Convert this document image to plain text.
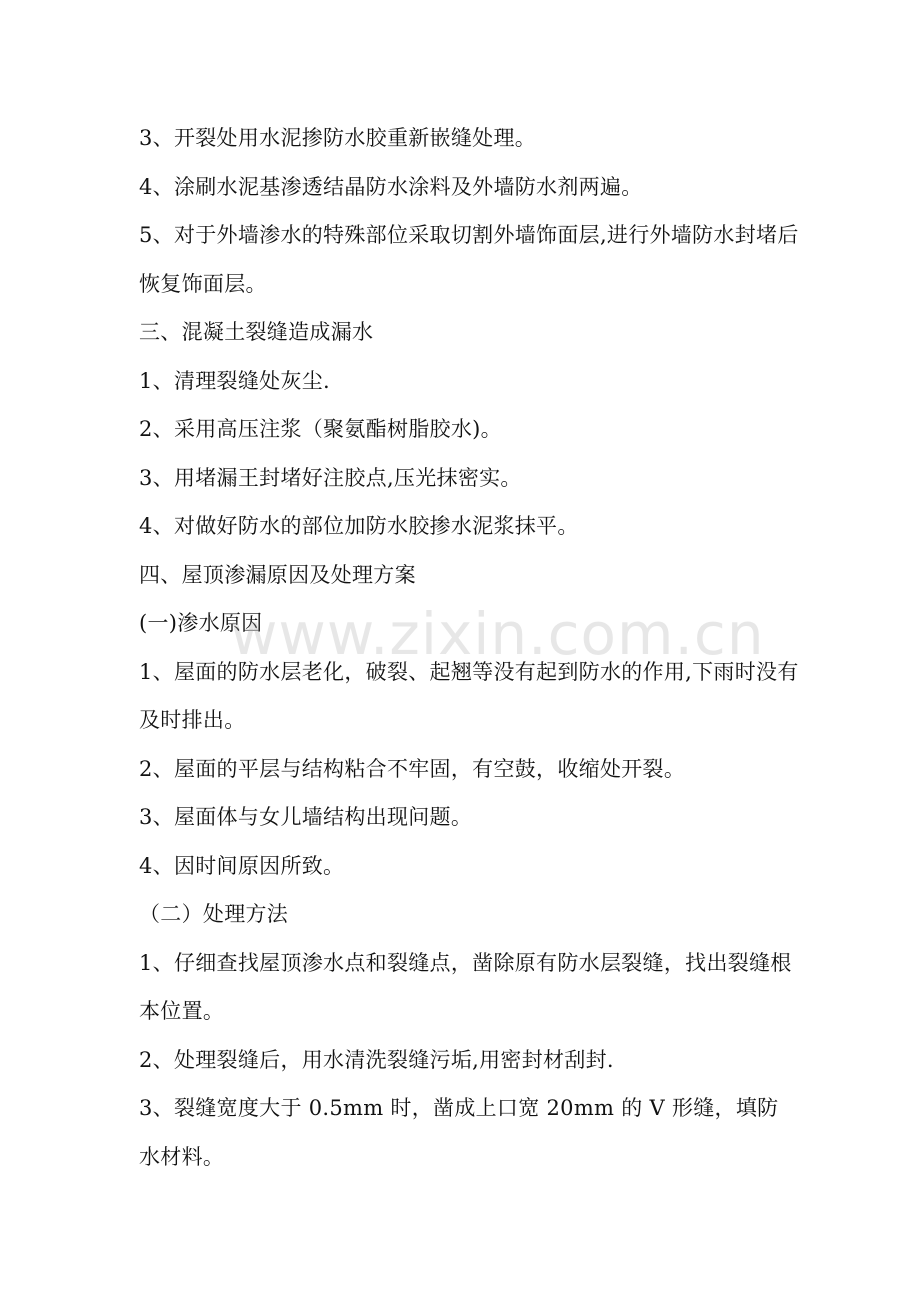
3、开裂处用水泥掺防水胶重新嵌缝处理。

4、涂刷水泥基渗透结晶防水涂料及外墙防水剂两遍。

5、对于外墙渗水的特殊部位采取切割外墙饰面层,进行外墙防水封堵后恢复饰面层。

三、混凝土裂缝造成漏水

1、清理裂缝处灰尘.

2、采用高压注浆（聚氨酯树脂胶水)。

3、用堵漏王封堵好注胶点,压光抹密实。

4、对做好防水的部位加防水胶掺水泥浆抹平。

四、屋顶渗漏原因及处理方案

(一)渗水原因

1、屋面的防水层老化，破裂、起翘等没有起到防水的作用,下雨时没有及时排出。

2、屋面的平层与结构粘合不牢固，有空鼓，收缩处开裂。

3、屋面体与女儿墙结构出现问题。

4、因时间原因所致。

（二）处理方法

1、仔细查找屋顶渗水点和裂缝点，凿除原有防水层裂缝，找出裂缝根本位置。

2、处理裂缝后，用水清洗裂缝污垢,用密封材刮封.

3、裂缝宽度大于 0.5mm 时，凿成上口宽 20mm 的 V 形缝，填防水材料。

www.zixin.com.cn
